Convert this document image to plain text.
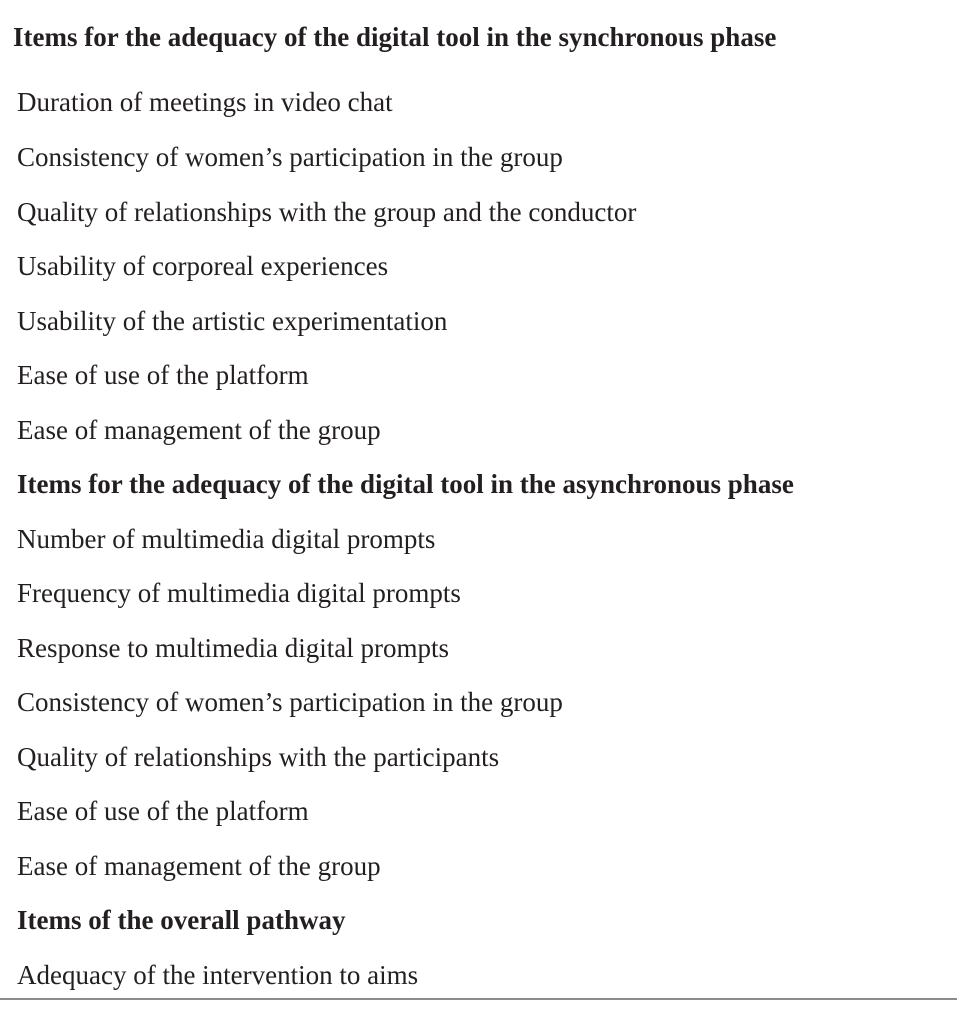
Items for the adequacy of the digital tool in the synchronous phase
Duration of meetings in video chat
Consistency of women’s participation in the group
Quality of relationships with the group and the conductor
Usability of corporeal experiences
Usability of the artistic experimentation
Ease of use of the platform
Ease of management of the group
Items for the adequacy of the digital tool in the asynchronous phase
Number of multimedia digital prompts
Frequency of multimedia digital prompts
Response to multimedia digital prompts
Consistency of women’s participation in the group
Quality of relationships with the participants
Ease of use of the platform
Ease of management of the group
Items of the overall pathway
Adequacy of the intervention to aims
